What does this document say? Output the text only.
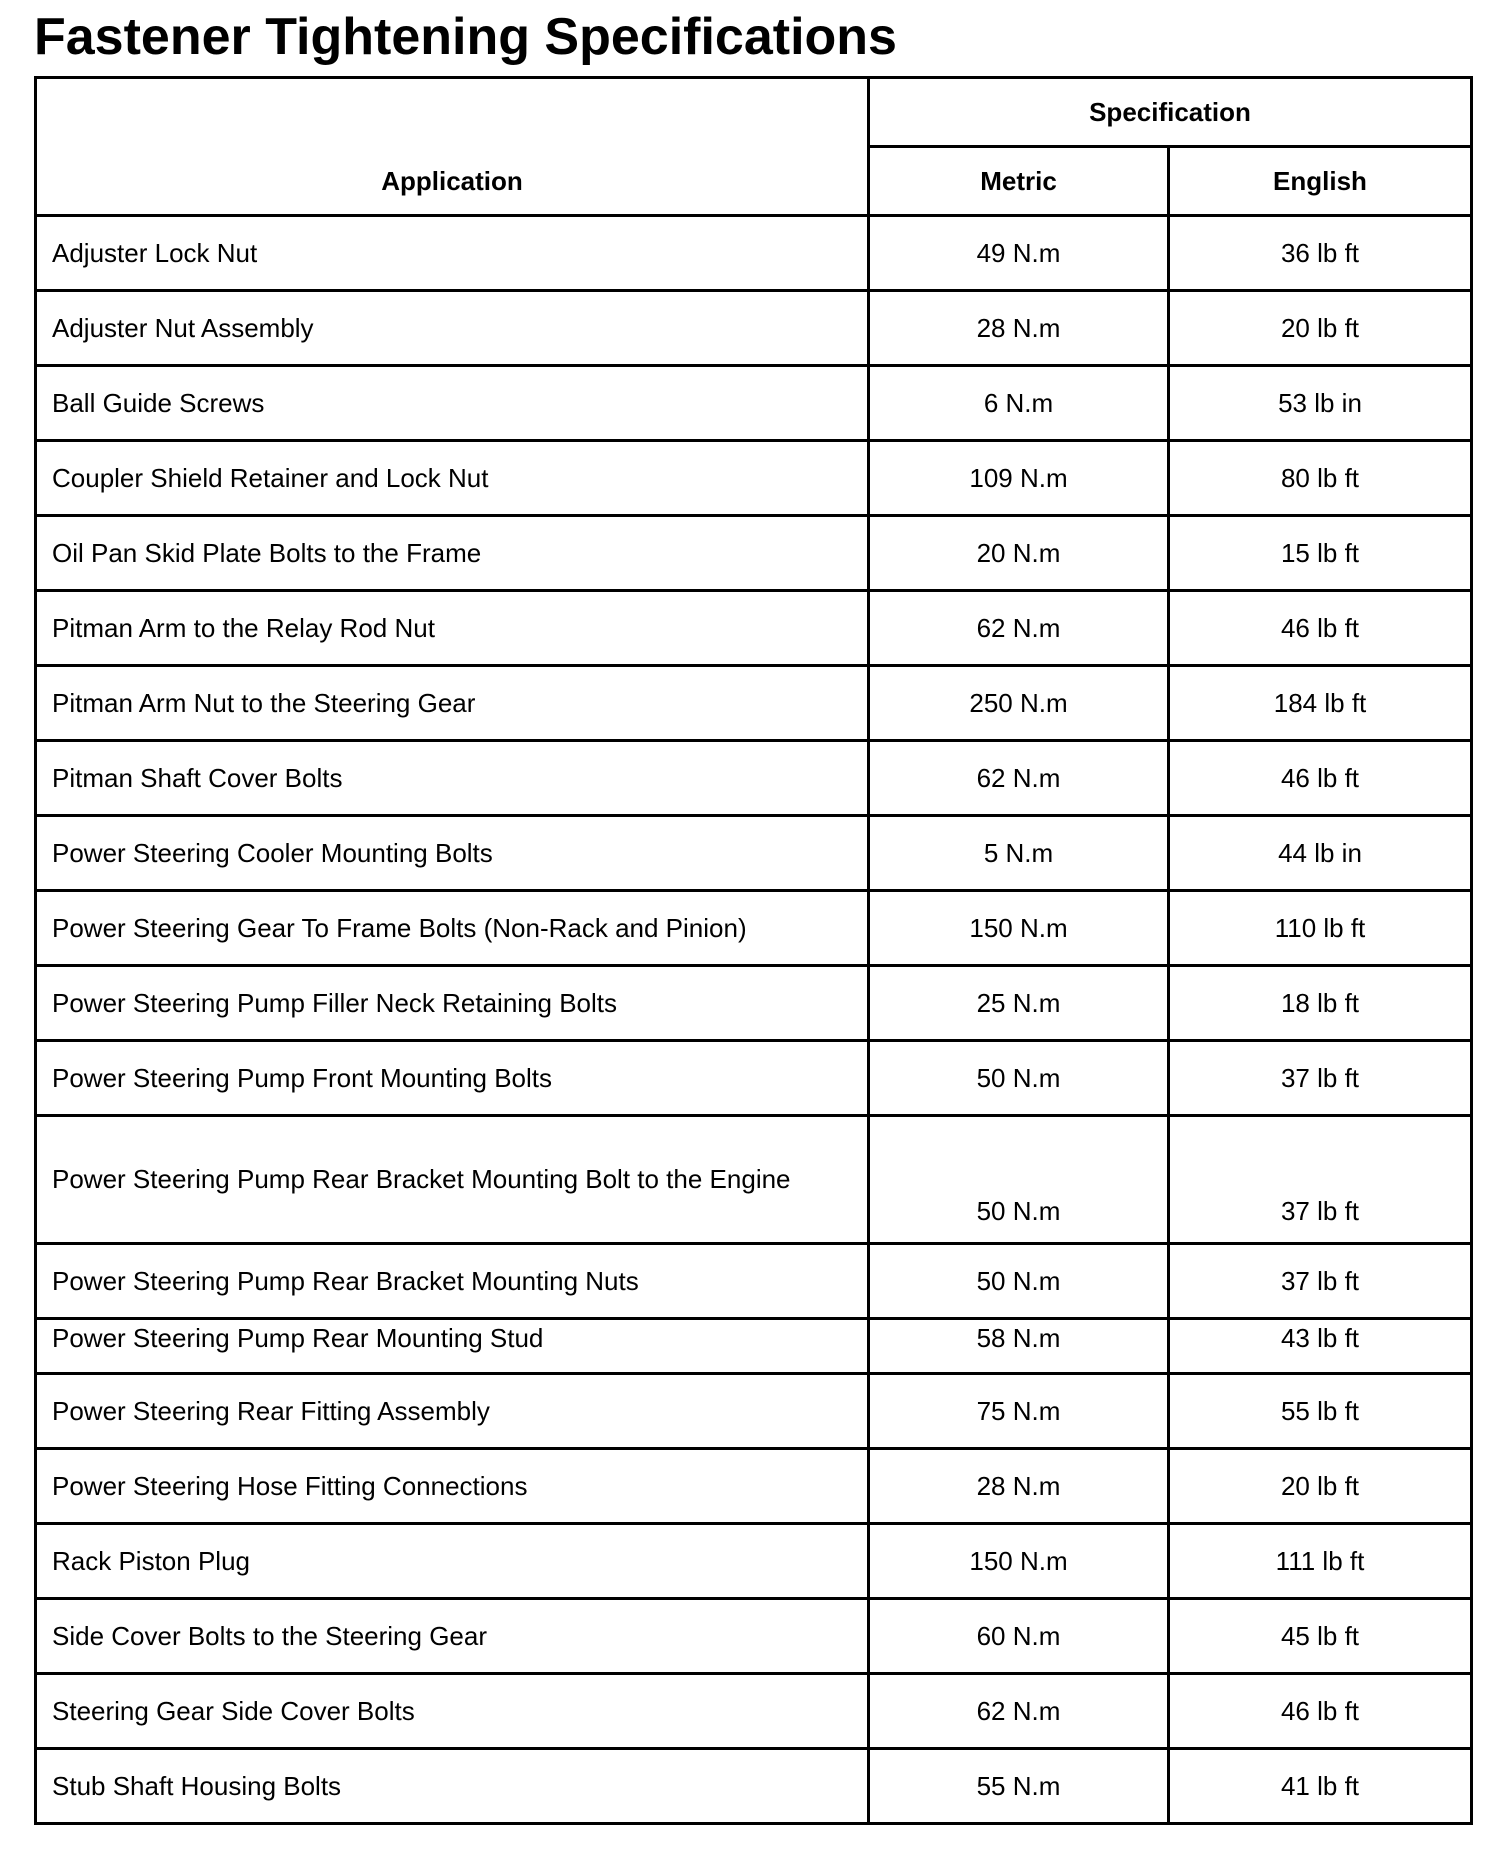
Fastener Tightening Specifications
Application	Specification	
	Metric	English
Adjuster Lock Nut	49 N.m	36 lb ft
Adjuster Nut Assembly	28 N.m	20 lb ft
Ball Guide Screws	6 N.m	53 lb in
Coupler Shield Retainer and Lock Nut	109 N.m	80 lb ft
Oil Pan Skid Plate Bolts to the Frame	20 N.m	15 lb ft
Pitman Arm to the Relay Rod Nut	62 N.m	46 lb ft
Pitman Arm Nut to the Steering Gear	250 N.m	184 lb ft
Pitman Shaft Cover Bolts	62 N.m	46 lb ft
Power Steering Cooler Mounting Bolts	5 N.m	44 lb in
Power Steering Gear To Frame Bolts (Non-Rack and Pinion)	150 N.m	110 lb ft
Power Steering Pump Filler Neck Retaining Bolts	25 N.m	18 lb ft
Power Steering Pump Front Mounting Bolts	50 N.m	37 lb ft
Power Steering Pump Rear Bracket Mounting Bolt to the Engine	50 N.m	37 lb ft
Power Steering Pump Rear Bracket Mounting Nuts	50 N.m	37 lb ft

Power Steering Pump Rear Mounting Stud	58 N.m	43 lb ft

Power Steering Rear Fitting Assembly	75 N.m	55 lb ft
Power Steering Hose Fitting Connections	28 N.m	20 lb ft
Rack Piston Plug	150 N.m	111 lb ft
Side Cover Bolts to the Steering Gear	60 N.m	45 lb ft
Steering Gear Side Cover Bolts	62 N.m	46 lb ft
Stub Shaft Housing Bolts	55 N.m	41 lb ft
